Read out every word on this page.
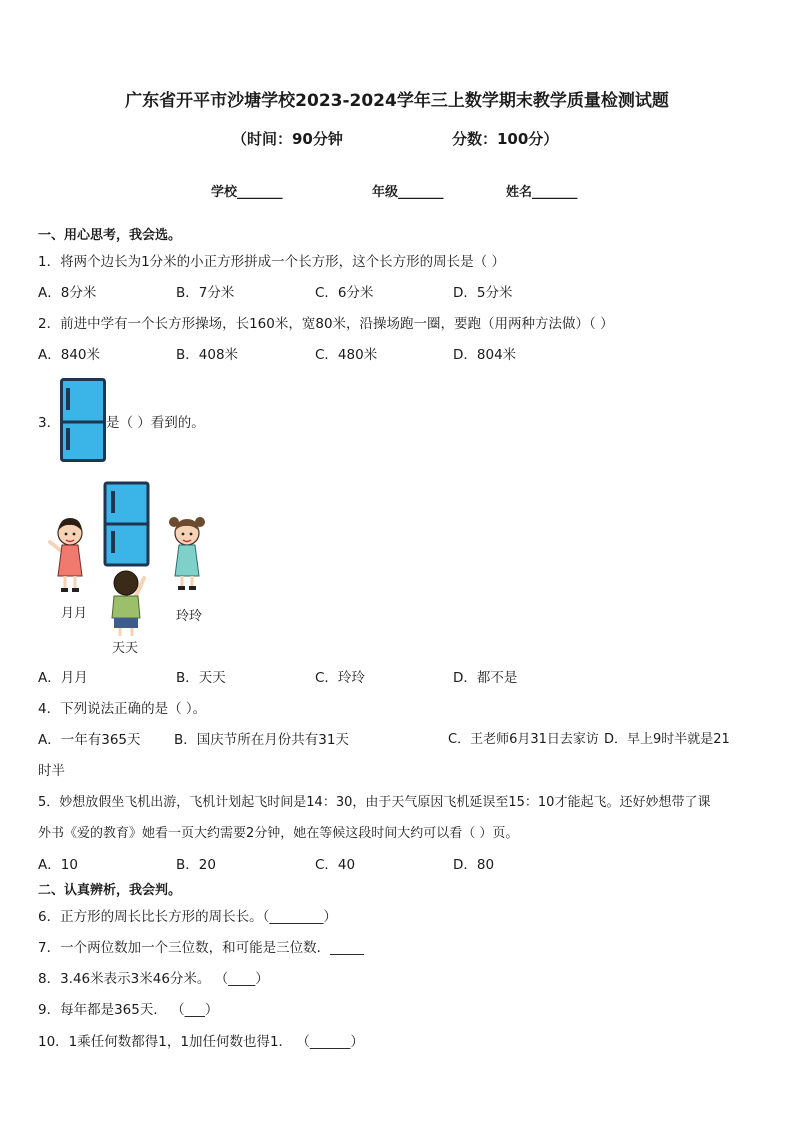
广东省开平市沙塘学校2023-2024学年三上数学期末教学质量检测试题
（时间：90分钟	分数：100分）
学校_______	年级_______	姓名_______
一、用心思考，我会选。
1．将两个边长为1分米的小正方形拼成一个长方形，这个长方形的周长是（ ）
A．8分米	B．7分米	C．6分米	D．5分米
2．前进中学有一个长方形操场，长160米，宽80米，沿操场跑一圈，要跑（用两种方法做）（ ）
A．840米	B．408米	C．480米	D．804米
3．	是（ ）看到的。
月月
天天
玲玲
A．月月	B．天天	C．玲玲	D．都不是
4．下列说法正确的是（ ）。
A．一年有365天 B．国庆节所在月份共有31天	C．王老师6月31日去家访 D．早上9时半就是21
时半
5．妙想放假坐飞机出游，飞机计划起飞时间是14：30，由于天气原因飞机延误至15：10才能起飞。还好妙想带了课
外书《爱的教育》她看一页大约需要2分钟，她在等候这段时间大约可以看（ ）页。
A．10	B．20	C．40	D．80
二、认真辨析，我会判。
6．正方形的周长比长方形的周长长。（________）
7．一个两位数加一个三位数，和可能是三位数．_____
8．3.46米表示3米46分米。 （____）
9．每年都是365天． （___）
10．1乘任何数都得1，1加任何数也得1． （______）
